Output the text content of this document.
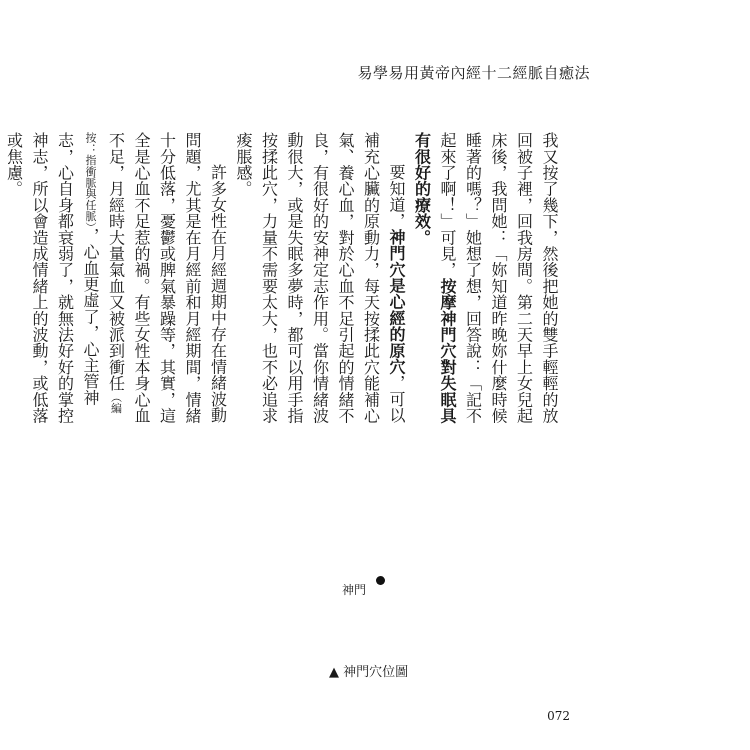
易學易用黃帝內經十二經脈自癒法

我又按了幾下，然後把她的雙手輕輕的放回被子裡，回我房間。第二天早上女兒起床後，我問她：「妳知道昨晚妳什麼時候睡著的嗎？」她想了想，回答說：「記不起來了啊！」可見，按摩神門穴對失眠具有很好的療效。

要知道，神門穴是心經的原穴，可以補充心臟的原動力，每天按揉此穴能補心氣、養心血，對於心血不足引起的情緒不良，有很好的安神定志作用。當你情緒波動很大，或是失眠多夢時，都可以用手指按揉此穴，力量不需要太大，也不必追求痠脹感。

許多女性在月經週期中存在情緒波動問題，尤其是在月經前和月經期間，情緒十分低落，憂鬱或脾氣暴躁等，其實，這全是心血不足惹的禍。有些女性本身心血不足，月經時大量氣血又被派到衝任（編按：指衝脈與任脈），心血更虛了，心主管神志，心自身都衰弱了，就無法好好的掌控神志，所以會造成情緒上的波動，或低落或焦慮。

神門
▲ 神門穴位圖
072
